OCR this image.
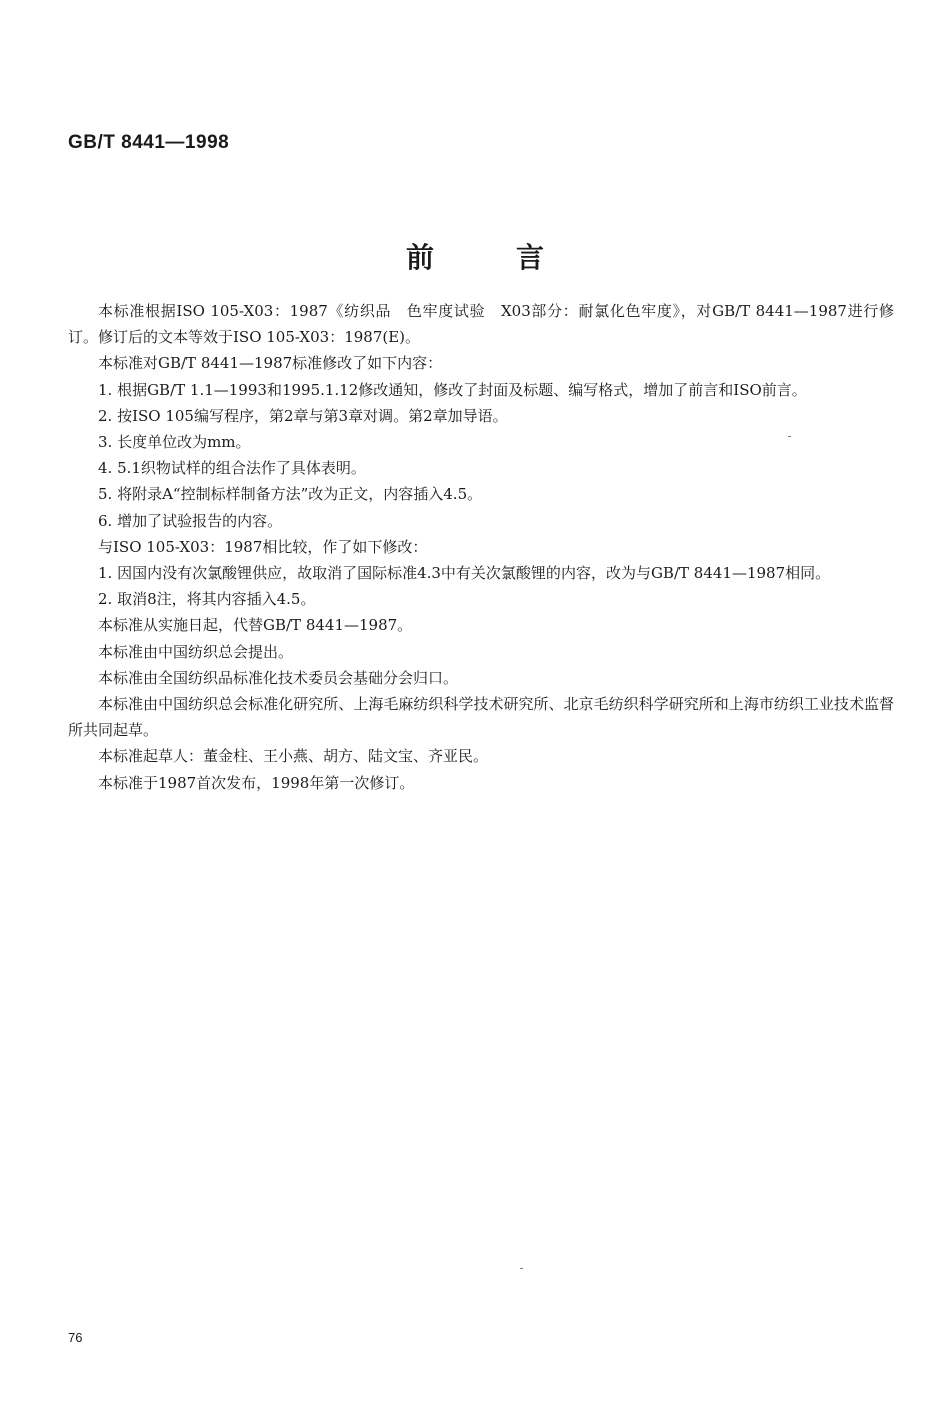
GB/T 8441—1998
前言

本标准根据ISO 105-X03：1987《纺织品　色牢度试验　X03部分：耐氯化色牢度》，对GB/T 8441—1987进行修订。修订后的文本等效于ISO 105-X03：1987(E)。

本标准对GB/T 8441—1987标准修改了如下内容：

1. 根据GB/T 1.1—1993和1995.1.12修改通知，修改了封面及标题、编写格式，增加了前言和ISO前言。

2. 按ISO 105编写程序，第2章与第3章对调。第2章加导语。

3. 长度单位改为mm。

4. 5.1织物试样的组合法作了具体表明。

5. 将附录A“控制标样制备方法”改为正文，内容插入4.5。

6. 增加了试验报告的内容。

与ISO 105-X03：1987相比较，作了如下修改：

1. 因国内没有次氯酸锂供应，故取消了国际标准4.3中有关次氯酸锂的内容，改为与GB/T 8441—1987相同。

2. 取消8注，将其内容插入4.5。

本标准从实施日起，代替GB/T 8441—1987。

本标准由中国纺织总会提出。

本标准由全国纺织品标准化技术委员会基础分会归口。

本标准由中国纺织总会标准化研究所、上海毛麻纺织科学技术研究所、北京毛纺织科学研究所和上海市纺织工业技术监督所共同起草。

本标准起草人：董金柱、王小燕、胡方、陆文宝、齐亚民。

本标准于1987首次发布，1998年第一次修订。

76
